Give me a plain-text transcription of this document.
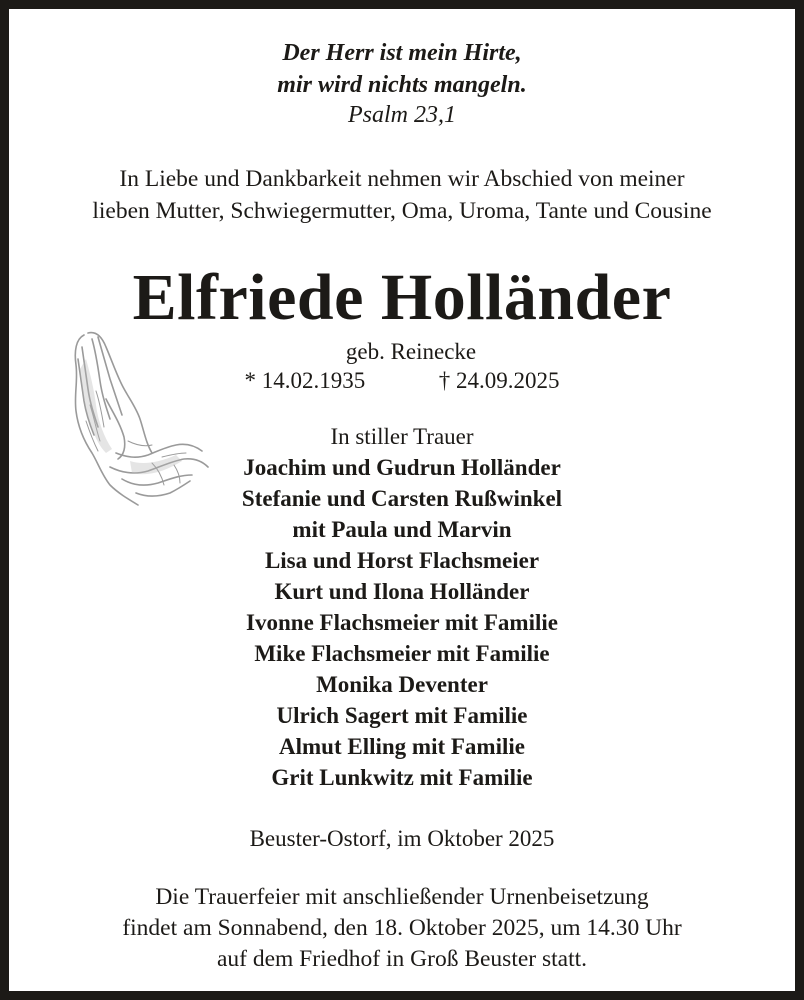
Der Herr ist mein Hirte,
mir wird nichts mangeln.
Psalm 23,1
In Liebe und Dankbarkeit nehmen wir Abschied von meiner
lieben Mutter, Schwiegermutter, Oma, Uroma, Tante und Cousine
Elfriede Holländer
geb. Reinecke
* 14.02.1935	† 24.09.2025
In stiller Trauer
Joachim und Gudrun Holländer
Stefanie und Carsten Rußwinkel
mit Paula und Marvin
Lisa und Horst Flachsmeier
Kurt und Ilona Holländer
Ivonne Flachsmeier mit Familie
Mike Flachsmeier mit Familie
Monika Deventer
Ulrich Sagert mit Familie
Almut Elling mit Familie
Grit Lunkwitz mit Familie
Beuster-Ostorf, im Oktober 2025
Die Trauerfeier mit anschließender Urnenbeisetzung
findet am Sonnabend, den 18. Oktober 2025, um 14.30 Uhr
auf dem Friedhof in Groß Beuster statt.
